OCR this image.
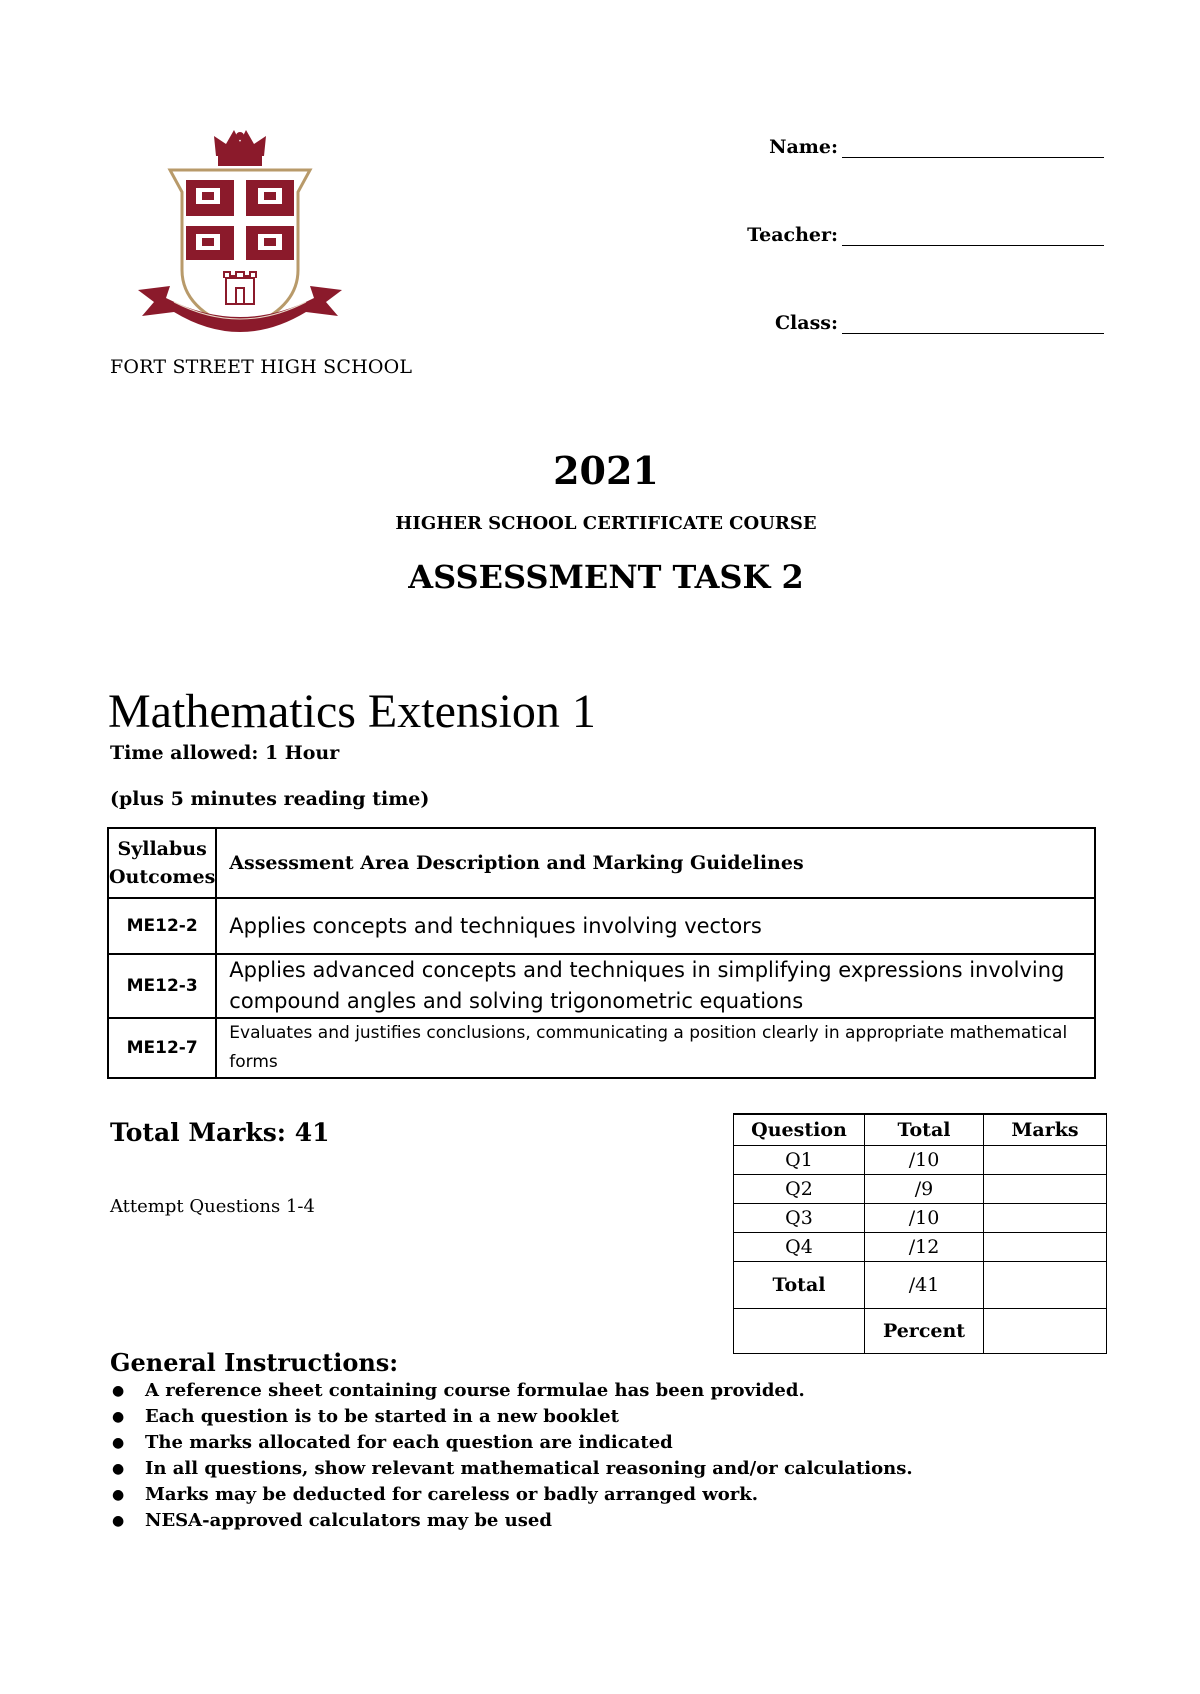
FORT STREET HIGH SCHOOL
Name:
Teacher:
Class:
2021
HIGHER SCHOOL CERTIFICATE COURSE
ASSESSMENT TASK 2
Mathematics Extension 1
Time allowed: 1 Hour
(plus 5 minutes reading time)
Syllabus Outcomes	Assessment Area Description and Marking Guidelines
ME12-2	Applies concepts and techniques involving vectors
ME12-3	Applies advanced concepts and techniques in simplifying expressions involving compound angles and solving trigonometric equations
ME12-7	Evaluates and justifies conclusions, communicating a position clearly in appropriate mathematical forms
Total Marks: 41
Attempt Questions 1-4
Question	Total	Marks
Q1	/10	
Q2	/9	
Q3	/10	
Q4	/12	
Total	/41	
	Percent	
General Instructions:
● A reference sheet containing course formulae has been provided.
● Each question is to be started in a new booklet
● The marks allocated for each question are indicated
● In all questions, show relevant mathematical reasoning and/or calculations.
● Marks may be deducted for careless or badly arranged work.
● NESA-approved calculators may be used
